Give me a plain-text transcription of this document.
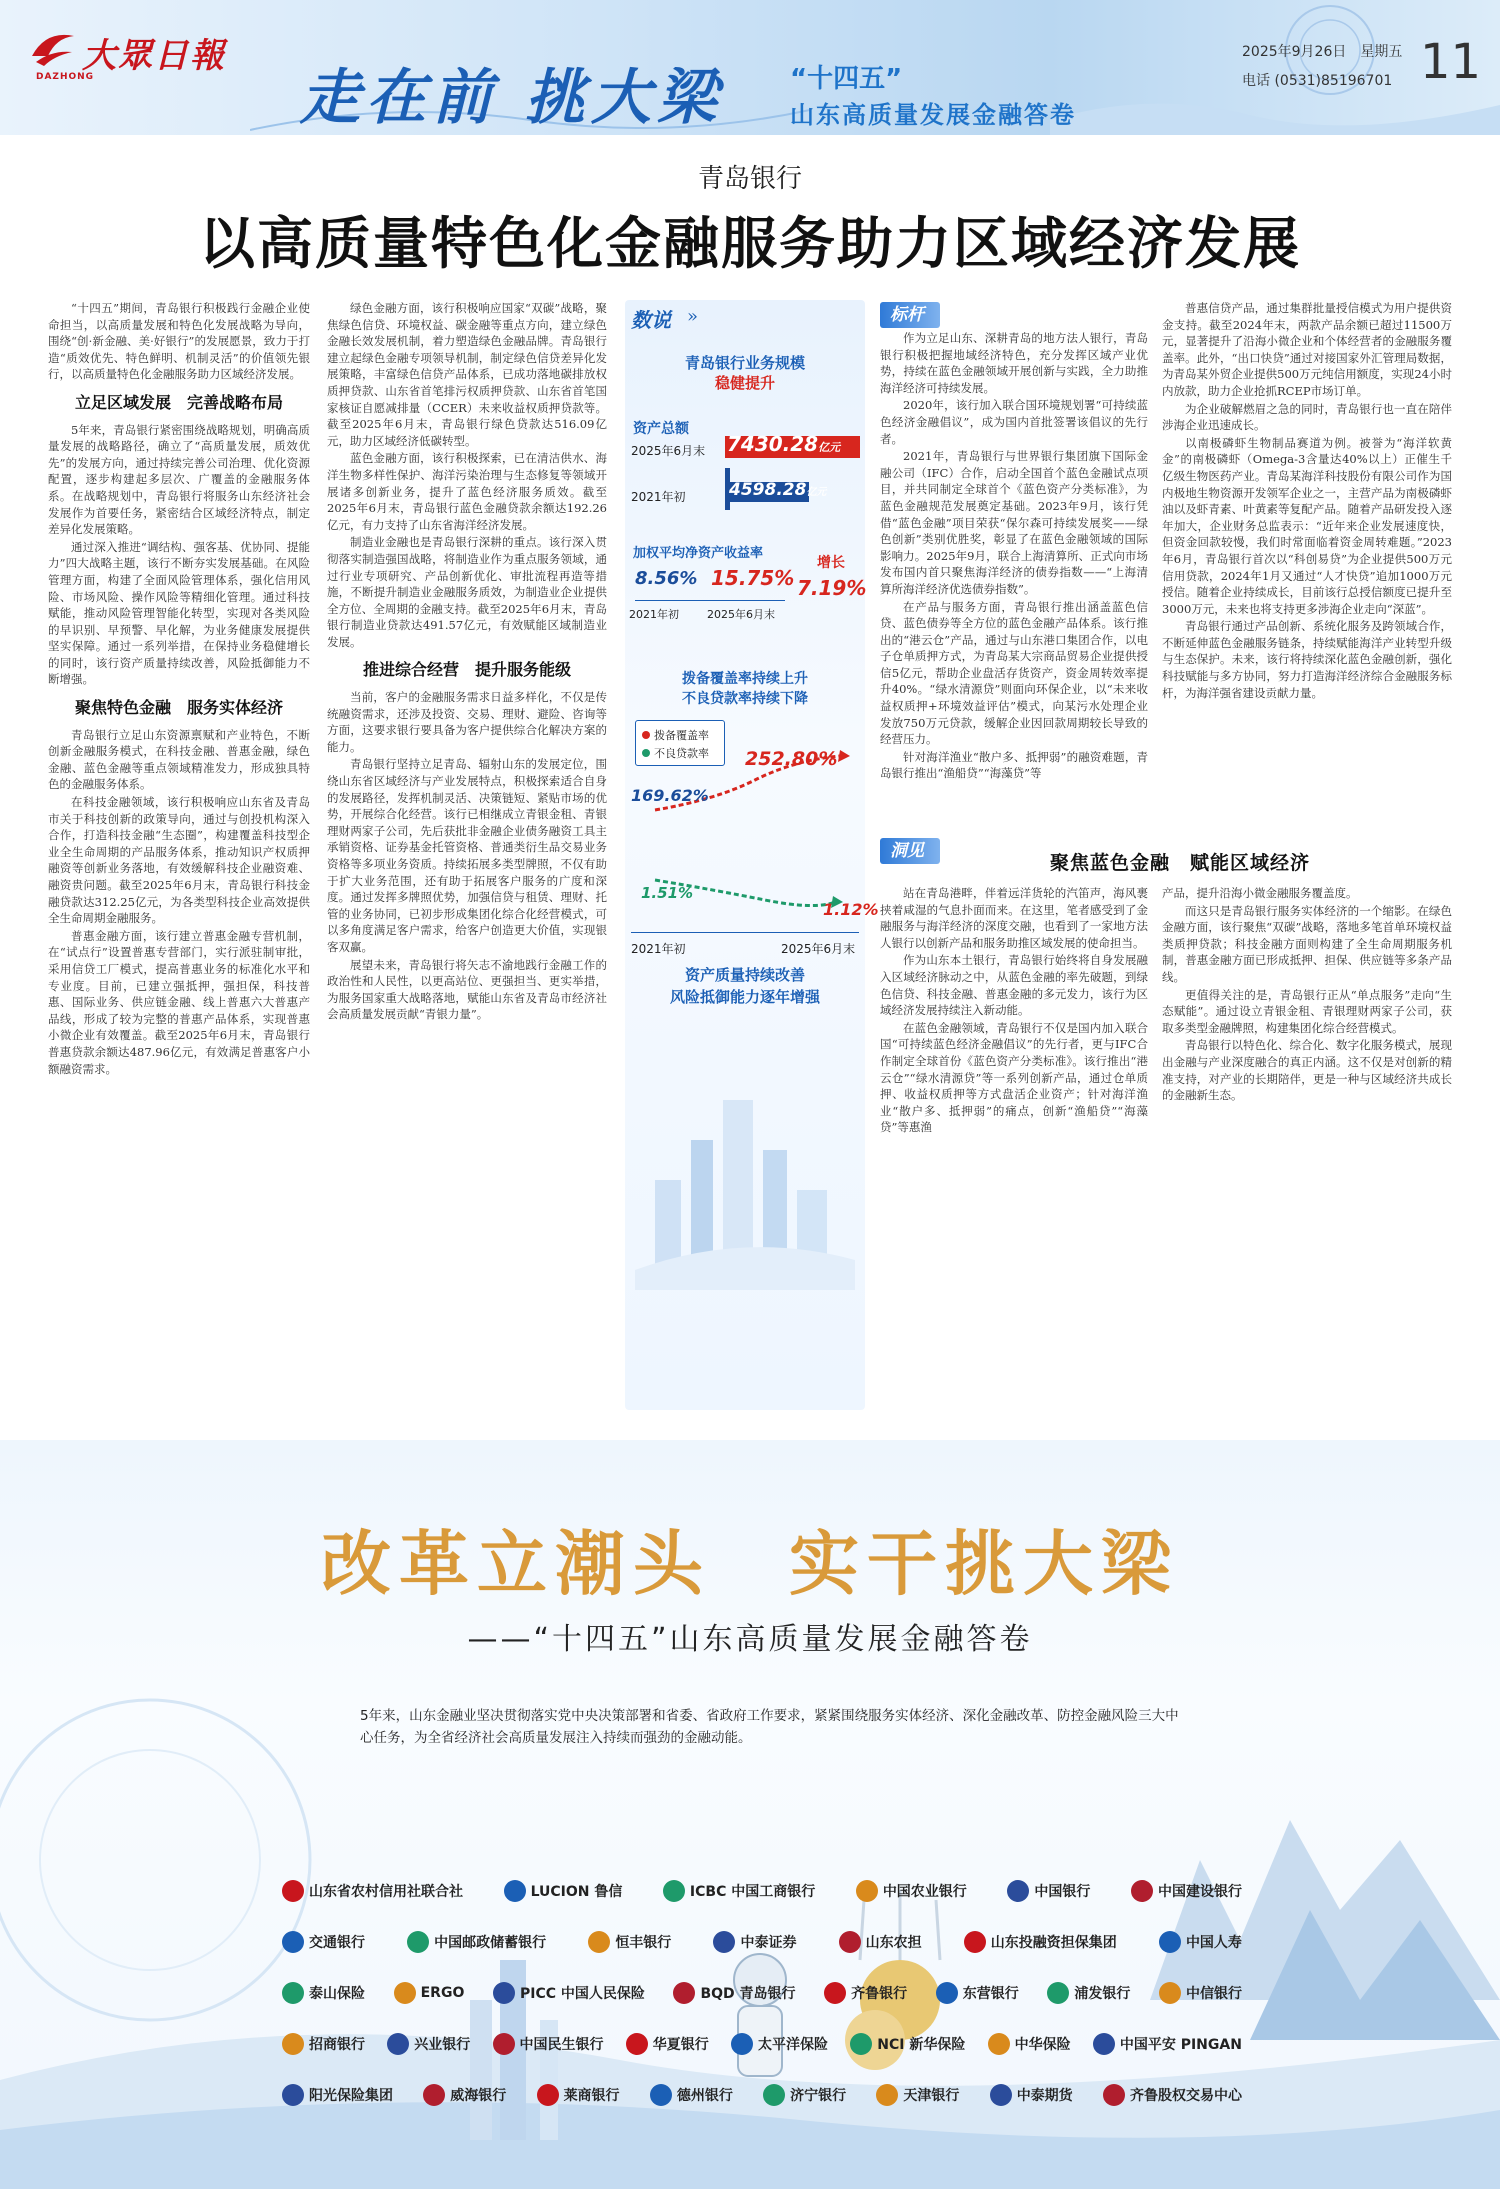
大眾日報
DAZHONG	走在前 挑大梁	“十四五”
山东高质量发展金融答卷
2025年9月26日　星期五
电话 (0531)85196701 11
青岛银行
以高质量特色化金融服务助力区域经济发展

“十四五”期间，青岛银行积极践行金融企业使命担当，以高质量发展和特色化发展战略为导向，围绕“创·新金融、美·好银行”的发展愿景，致力于打造“质效优先、特色鲜明、机制灵活”的价值领先银行，以高质量特色化金融服务助力区域经济发展。

立足区域发展　完善战略布局

5年来，青岛银行紧密围绕战略规划，明确高质量发展的战略路径，确立了“高质量发展，质效优先”的发展方向，通过持续完善公司治理、优化资源配置，逐步构建起多层次、广覆盖的金融服务体系。在战略规划中，青岛银行将服务山东经济社会发展作为首要任务，紧密结合区域经济特点，制定差异化发展策略。

通过深入推进“调结构、强客基、优协同、提能力”四大战略主题，该行不断夯实发展基础。在风险管理方面，构建了全面风险管理体系，强化信用风险、市场风险、操作风险等精细化管理。通过科技赋能，推动风险管理智能化转型，实现对各类风险的早识别、早预警、早化解，为业务健康发展提供坚实保障。通过一系列举措，在保持业务稳健增长的同时，该行资产质量持续改善，风险抵御能力不断增强。

聚焦特色金融　服务实体经济

青岛银行立足山东资源禀赋和产业特色，不断创新金融服务模式，在科技金融、普惠金融，绿色金融、蓝色金融等重点领域精准发力，形成独具特色的金融服务体系。

在科技金融领域，该行积极响应山东省及青岛市关于科技创新的政策导向，通过与创投机构深入合作，打造科技金融“生态圈”，构建覆盖科技型企业全生命周期的产品服务体系，推动知识产权质押融资等创新业务落地，有效缓解科技企业融资难、融资贵问题。截至2025年6月末，青岛银行科技金融贷款达312.25亿元，为各类型科技企业高效提供全生命周期金融服务。

普惠金融方面，该行建立普惠金融专营机制，在“试点行”设置普惠专营部门，实行派驻制审批，采用信贷工厂模式，提高普惠业务的标准化水平和专业度。目前，已建立强抵押，强担保，科技普惠、国际业务、供应链金融、线上普惠六大普惠产品线，形成了较为完整的普惠产品体系，实现普惠小微企业有效覆盖。截至2025年6月末，青岛银行普惠贷款余额达487.96亿元，有效满足普惠客户小额融资需求。

绿色金融方面，该行积极响应国家“双碳”战略，聚焦绿色信贷、环境权益、碳金融等重点方向，建立绿色金融长效发展机制，着力塑造绿色金融品牌。青岛银行建立起绿色金融专项领导机制，制定绿色信贷差异化发展策略，丰富绿色信贷产品体系，已成功落地碳排放权质押贷款、山东省首笔排污权质押贷款、山东省首笔国家核证自愿减排量（CCER）未来收益权质押贷款等。截至2025年6月末，青岛银行绿色贷款达516.09亿元，助力区域经济低碳转型。

蓝色金融方面，该行积极探索，已在清洁供水、海洋生物多样性保护、海洋污染治理与生态修复等领域开展诸多创新业务，提升了蓝色经济服务质效。截至2025年6月末，青岛银行蓝色金融贷款余额达192.26亿元，有力支持了山东省海洋经济发展。

制造业金融也是青岛银行深耕的重点。该行深入贯彻落实制造强国战略，将制造业作为重点服务领域，通过行业专项研究、产品创新优化、审批流程再造等措施，不断提升制造业金融服务质效，为制造业企业提供全方位、全周期的金融支持。截至2025年6月末，青岛银行制造业贷款达491.57亿元，有效赋能区域制造业发展。

推进综合经营　提升服务能级

当前，客户的金融服务需求日益多样化，不仅是传统融资需求，还涉及投资、交易、理财、避险、咨询等方面，这要求银行要具备为客户提供综合化解决方案的能力。

青岛银行坚持立足青岛、辐射山东的发展定位，围绕山东省区域经济与产业发展特点，积极探索适合自身的发展路径，发挥机制灵活、决策链短、紧贴市场的优势，开展综合化经营。该行已相继成立青银金租、青银理财两家子公司，先后获批非金融企业债务融资工具主承销资格、证券基金托管资格、普通类衍生品交易业务资格等多项业务资质。持续拓展多类型牌照，不仅有助于扩大业务范围，还有助于拓展客户服务的广度和深度。通过发挥多牌照优势，加强信贷与租赁、理财、托管的业务协同，已初步形成集团化综合化经营模式，可以多角度满足客户需求，给客户创造更大价值，实现银客双赢。

展望未来，青岛银行将矢志不渝地践行金融工作的政治性和人民性，以更高站位、更强担当、更实举措，为服务国家重大战略落地，赋能山东省及青岛市经济社会高质量发展贡献“青银力量”。

数说 »
青岛银行业务规模
稳健提升
资产总额
2025年6月末 7430.28亿元
2021年初	4598.28亿元
加权平均净资产收益率
8.56% 15.75%
增长
7.19%
2021年初	2025年6月末
拨备覆盖率持续上升
不良贷款率持续下降
拨备覆盖率
不良贷款率 252.80%
169.62%
1.51%
1.12%
2021年初	2025年6月末
资产质量持续改善
风险抵御能力逐年增强
标杆

作为立足山东、深耕青岛的地方法人银行，青岛银行积极把握地域经济特色，充分发挥区域产业优势，持续在蓝色金融领域开展创新与实践，全力助推海洋经济可持续发展。

2020年，该行加入联合国环境规划署“可持续蓝色经济金融倡议”，成为国内首批签署该倡议的先行者。

2021年，青岛银行与世界银行集团旗下国际金融公司（IFC）合作，启动全国首个蓝色金融试点项目，并共同制定全球首个《蓝色资产分类标准》，为蓝色金融规范发展奠定基础。2023年9月，该行凭借“蓝色金融”项目荣获“保尔森可持续发展奖——绿色创新”类别优胜奖，彰显了在蓝色金融领域的国际影响力。2025年9月，联合上海清算所、正式向市场发布国内首只聚焦海洋经济的债券指数——“上海清算所海洋经济优选债券指数”。

在产品与服务方面，青岛银行推出涵盖蓝色信贷、蓝色债券等全方位的蓝色金融产品体系。该行推出的“港云仓”产品，通过与山东港口集团合作，以电子仓单质押方式，为青岛某大宗商品贸易企业提供授信5亿元，帮助企业盘活存货资产，资金周转效率提升40%。“绿水清源贷”则面向环保企业，以“未来收益权质押+环境效益评估”模式，向某污水处理企业发放750万元贷款，缓解企业因回款周期较长导致的经营压力。

针对海洋渔业“散户多、抵押弱”的融资难题，青岛银行推出“渔船贷”“海藻贷”等

普惠信贷产品，通过集群批量授信模式为用户提供资金支持。截至2024年末，两款产品余额已超过11500万元，显著提升了沿海小微企业和个体经营者的金融服务覆盖率。此外，“出口快贷”通过对接国家外汇管理局数据，为青岛某外贸企业提供500万元纯信用额度，实现24小时内放款，助力企业抢抓RCEP市场订单。

为企业破解燃眉之急的同时，青岛银行也一直在陪伴涉海企业迅速成长。

以南极磷虾生物制品赛道为例。被誉为“海洋软黄金”的南极磷虾（Omega-3含量达40%以上）正催生千亿级生物医药产业。青岛某海洋科技股份有限公司作为国内极地生物资源开发领军企业之一，主营产品为南极磷虾油以及虾青素、叶黄素等复配产品。随着产品研发投入逐年加大，企业财务总监表示：“近年来企业发展速度快，但资金回款较慢，我们时常面临着资金周转难题。”2023年6月，青岛银行首次以“科创易贷”为企业提供500万元信用贷款，2024年1月又通过“人才快贷”追加1000万元授信。随着企业持续成长，目前该行总授信额度已提升至3000万元，未来也将支持更多涉海企业走向“深蓝”。

青岛银行通过产品创新、系统化服务及跨领域合作，不断延伸蓝色金融服务链条，持续赋能海洋产业转型升级与生态保护。未来，该行将持续深化蓝色金融创新，强化科技赋能与多方协同，努力打造海洋经济综合金融服务标杆，为海洋强省建设贡献力量。

洞见
聚焦蓝色金融　赋能区域经济

站在青岛港畔，伴着远洋货轮的汽笛声，海风裹挟着咸湿的气息扑面而来。在这里，笔者感受到了金融服务与海洋经济的深度交融，也看到了一家地方法人银行以创新产品和服务助推区域发展的使命担当。

作为山东本土银行，青岛银行始终将自身发展融入区域经济脉动之中，从蓝色金融的率先破题，到绿色信贷、科技金融、普惠金融的多元发力，该行为区域经济发展持续注入新动能。

在蓝色金融领域，青岛银行不仅是国内加入联合国“可持续蓝色经济金融倡议”的先行者，更与IFC合作制定全球首份《蓝色资产分类标准》。该行推出“港云仓”“绿水清源贷”等一系列创新产品，通过仓单质押、收益权质押等方式盘活企业资产；针对海洋渔业“散户多、抵押弱”的痛点，创新“渔船贷”“海藻贷”等惠渔

产品，提升沿海小微金融服务覆盖度。

而这只是青岛银行服务实体经济的一个缩影。在绿色金融方面，该行聚焦“双碳”战略，落地多笔首单环境权益类质押贷款；科技金融方面则构建了全生命周期服务机制，普惠金融方面已形成抵押、担保、供应链等多条产品线。

更值得关注的是，青岛银行正从“单点服务”走向“生态赋能”。通过设立青银金租、青银理财两家子公司，获取多类型金融牌照，构建集团化综合经营模式。

青岛银行以特色化、综合化、数字化服务模式，展现出金融与产业深度融合的真正内涵。这不仅是对创新的精准支持，对产业的长期陪伴，更是一种与区域经济共成长的金融新生态。

改革立潮头　实干挑大梁
——“十四五”山东高质量发展金融答卷
5年来，山东金融业坚决贯彻落实党中央决策部署和省委、省政府工作要求，紧紧围绕服务实体经济、深化金融改革、防控金融风险三大中心任务，为全省经济社会高质量发展注入持续而强劲的金融动能。
山东省农村信用社联合社	LUCION 鲁信	ICBC 中国工商银行	中国农业银行	中国银行	中国建设银行
交通银行	中国邮政储蓄银行	恒丰银行	中泰证券	山东农担	山东投融资担保集团	中国人寿
泰山保险	ERGO	PICC 中国人民保险	BQD 青岛银行	齐鲁银行	东营银行	浦发银行	中信银行
招商银行	兴业银行	中国民生银行	华夏银行	太平洋保险	NCI 新华保险	中华保险	中国平安 PINGAN
阳光保险集团	威海银行	莱商银行	德州银行	济宁银行	天津银行	中泰期货	齐鲁股权交易中心
